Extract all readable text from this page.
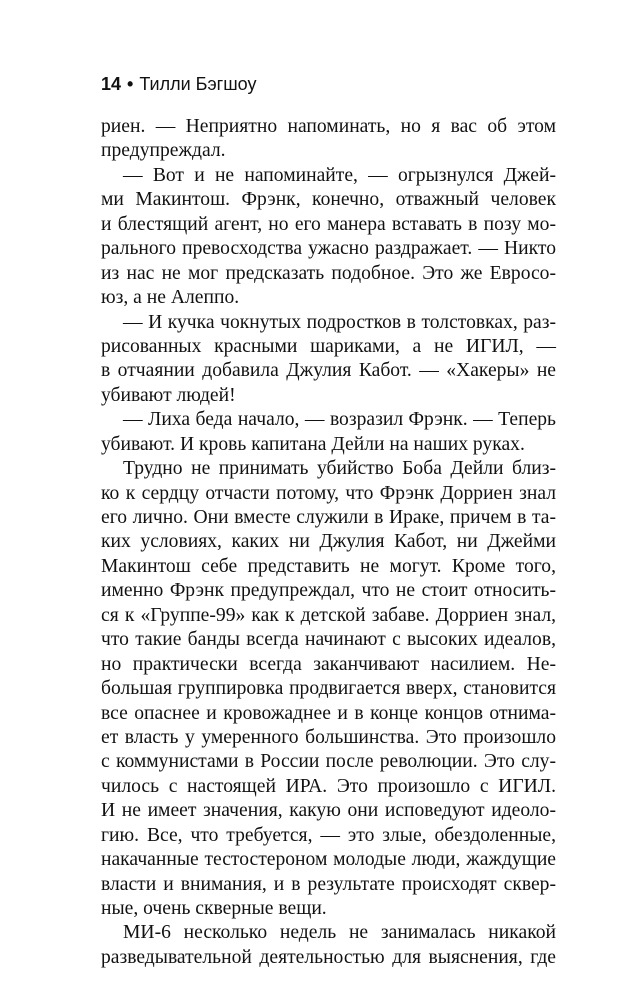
14 • Тилли Бэгшоу
риен. — Неприятно напоминать, но я вас об этом
предупреждал.
— Вот и не напоминайте, — огрызнулся Джей-
ми Макинтош. Фрэнк, конечно, отважный человек
и блестящий агент, но его манера вставать в позу мо-
рального превосходства ужасно раздражает. — Никто
из нас не мог предсказать подобное. Это же Евросо-
юз, а не Алеппо.
— И кучка чокнутых подростков в толстовках, раз-
рисованных красными шариками, а не ИГИЛ, —
в отчаянии добавила Джулия Кабот. — «Хакеры» не
убивают людей!
— Лиха беда начало, — возразил Фрэнк. — Теперь
убивают. И кровь капитана Дейли на наших руках.
Трудно не принимать убийство Боба Дейли близ-
ко к сердцу отчасти потому, что Фрэнк Дорриен знал
его лично. Они вместе служили в Ираке, причем в та-
ких условиях, каких ни Джулия Кабот, ни Джейми
Макинтош себе представить не могут. Кроме того,
именно Фрэнк предупреждал, что не стоит относить-
ся к «Группе-99» как к детской забаве. Дорриен знал,
что такие банды всегда начинают с высоких идеалов,
но практически всегда заканчивают насилием. Не-
большая группировка продвигается вверх, становится
все опаснее и кровожаднее и в конце концов отнима-
ет власть у умеренного большинства. Это произошло
с коммунистами в России после революции. Это слу-
чилось с настоящей ИРА. Это произошло с ИГИЛ.
И не имеет значения, какую они исповедуют идеоло-
гию. Все, что требуется, — это злые, обездоленные,
накачанные тестостероном молодые люди, жаждущие
власти и внимания, и в результате происходят сквер-
ные, очень скверные вещи.
МИ-6 несколько недель не занималась никакой
разведывательной деятельностью для выяснения, где
